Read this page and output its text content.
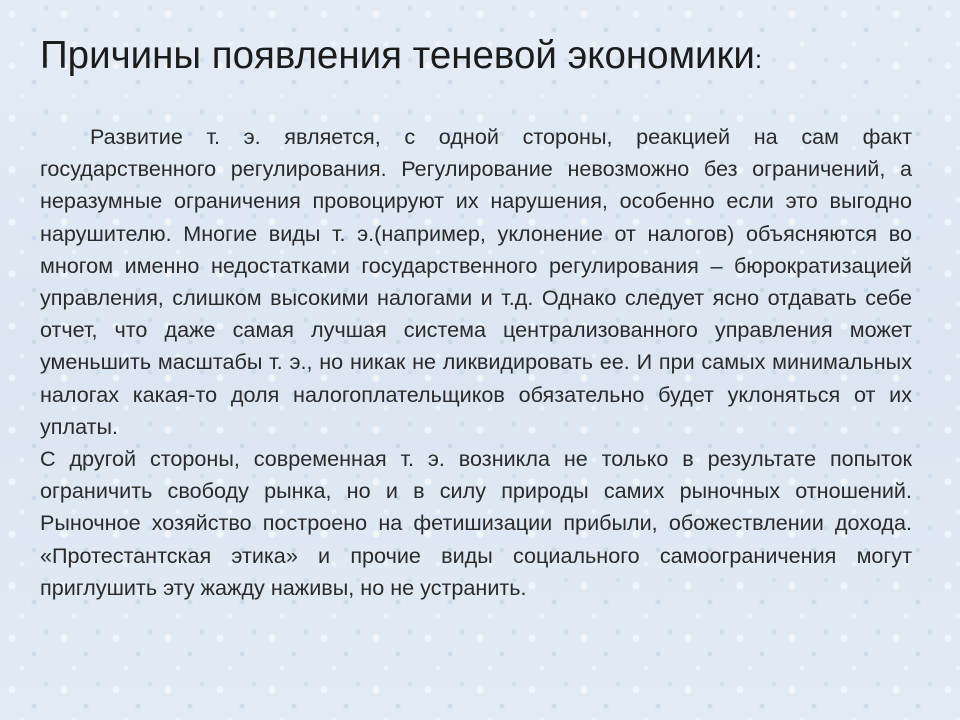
Причины появления теневой экономики:

Развитие т. э. является, с одной стороны, реакцией на сам факт государственного регулирования. Регулирование невозможно без ограничений, а неразумные ограничения провоцируют их нарушения, особенно если это выгодно нарушителю. Многие виды т. э.(например, уклонение от налогов) объясняются во многом именно недостатками государственного регулирования – бюрократизацией управления, слишком высокими налогами и т.д. Однако следует ясно отдавать себе отчет, что даже самая лучшая система централизованного управления может уменьшить масштабы т. э., но никак не ликвидировать ее. И при самых минимальных налогах какая-то доля налогоплательщиков обязательно будет уклоняться от их уплаты.

С другой стороны, современная т. э. возникла не только в результате попыток ограничить свободу рынка, но и в силу природы самих рыночных отношений. Рыночное хозяйство построено на фетишизации прибыли, обожествлении дохода. «Протестантская этика» и прочие виды социального самоограничения могут приглушить эту жажду наживы, но не устранить.
